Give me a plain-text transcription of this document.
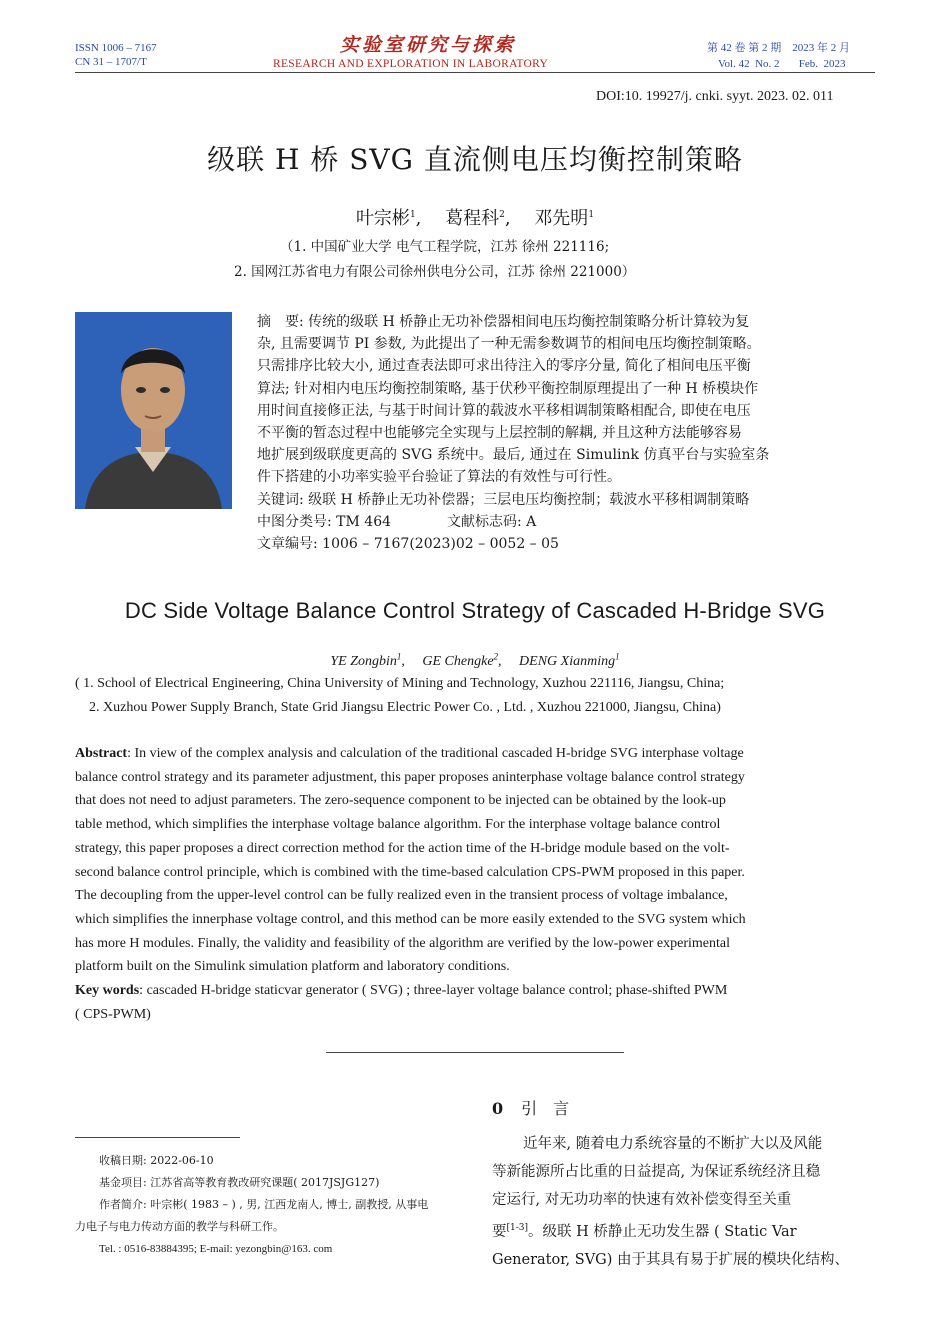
ISSN 1006 – 7167
CN 31 – 1707/T
实验室研究与探索
RESEARCH AND EXPLORATION IN LABORATORY
第 42 卷 第 2 期    2023 年 2 月
Vol. 42  No. 2       Feb.  2023
DOI:10. 19927/j. cnki. syyt. 2023. 02. 011
级联 H 桥 SVG 直流侧电压均衡控制策略
叶宗彬$^1$,　 葛程科$^2$,　 邓先明$^1$
（1. 中国矿业大学 电气工程学院，江苏 徐州 221116;
2. 国网江苏省电力有限公司徐州供电分公司，江苏 徐州 221000）
摘　要: 传统的级联 H 桥静止无功补偿器相间电压均衡控制策略分析计算较为复
杂, 且需要调节 PI 参数, 为此提出了一种无需参数调节的相间电压均衡控制策略。
只需排序比较大小, 通过查表法即可求出待注入的零序分量, 简化了相间电压平衡
算法; 针对相内电压均衡控制策略, 基于伏秒平衡控制原理提出了一种 H 桥模块作
用时间直接修正法, 与基于时间计算的载波水平移相调制策略相配合, 即使在电压
不平衡的暂态过程中也能够完全实现与上层控制的解耦, 并且这种方法能够容易
地扩展到级联度更高的 SVG 系统中。最后, 通过在 Simulink 仿真平台与实验室条
件下搭建的小功率实验平台验证了算法的有效性与可行性。
关键词: 级联 H 桥静止无功补偿器；三层电压均衡控制；载波水平移相调制策略
中图分类号: TM 464	文献标志码: A
文章编号: 1006 – 7167(2023)02 – 0052 – 05
DC Side Voltage Balance Control Strategy of Cascaded H-Bridge SVG
YE Zongbin$^1$,　 GE Chengke$^2$,　 DENG Xianming$^1$
( 1. School of Electrical Engineering, China University of Mining and Technology, Xuzhou 221116, Jiangsu, China;
2. Xuzhou Power Supply Branch, State Grid Jiangsu Electric Power Co. , Ltd. , Xuzhou 221000, Jiangsu, China)
Abstract: In view of the complex analysis and calculation of the traditional cascaded H-bridge SVG interphase voltage
balance control strategy and its parameter adjustment, this paper proposes aninterphase voltage balance control strategy
that does not need to adjust parameters. The zero-sequence component to be injected can be obtained by the look-up
table method, which simplifies the interphase voltage balance algorithm. For the interphase voltage balance control
strategy, this paper proposes a direct correction method for the action time of the H-bridge module based on the volt-
second balance control principle, which is combined with the time-based calculation CPS-PWM proposed in this paper.
The decoupling from the upper-level control can be fully realized even in the transient process of voltage imbalance,
which simplifies the innerphase voltage control, and this method can be more easily extended to the SVG system which
has more H modules. Finally, the validity and feasibility of the algorithm are verified by the low-power experimental
platform built on the Simulink simulation platform and laboratory conditions.
Key words: cascaded H-bridge staticvar generator ( SVG) ; three-layer voltage balance control; phase-shifted PWM
( CPS-PWM)
收稿日期: 2022-06-10
基金项目: 江苏省高等教育教改研究课题( 2017JSJG127)
作者简介: 叶宗彬( 1983 – ) , 男, 江西龙南人, 博士, 副教授, 从事电
力电子与电力传动方面的教学与科研工作。
Tel. : 0516-83884395; E-mail: yezongbin@163. com
0 引　言
近年来, 随着电力系统容量的不断扩大以及风能
等新能源所占比重的日益提高, 为保证系统经济且稳
定运行, 对无功功率的快速有效补偿变得至关重
要[1-3]。级联 H 桥静止无功发生器 ( Static Var
Generator, SVG) 由于其具有易于扩展的模块化结构、
